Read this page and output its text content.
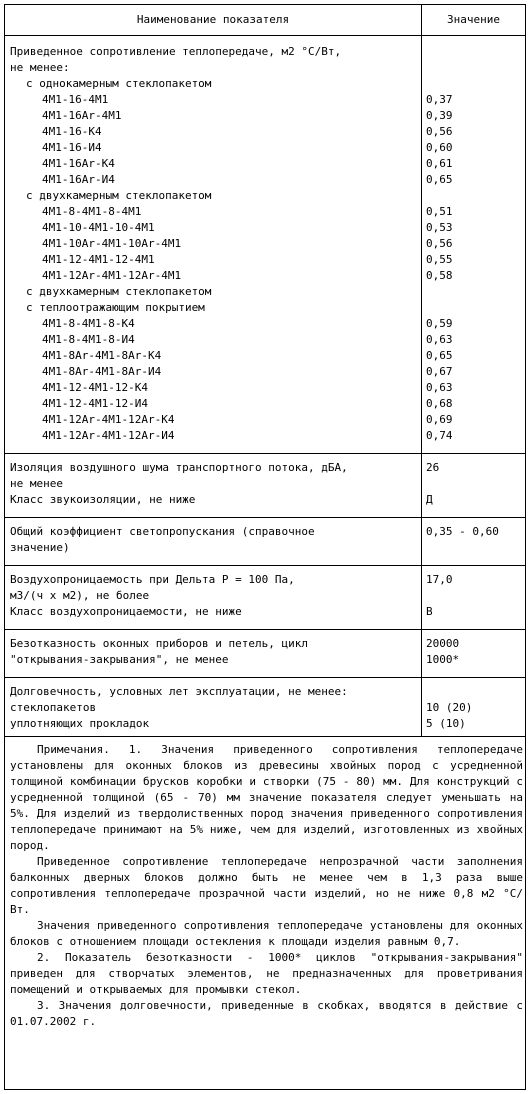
Наименование показателя	Значение
Приведенное сопротивление теплопередаче, м2 °С/Вт,
не менее:
с однокамерным стеклопакетом
4М1-16-4М1	0,37
4М1-16Ar-4М1	0,39
4М1-16-К4	0,56
4М1-16-И4	0,60
4М1-16Ar-К4	0,61
4М1-16Ar-И4	0,65
с двухкамерным стеклопакетом
4М1-8-4М1-8-4М1	0,51
4М1-10-4М1-10-4М1	0,53
4М1-10Ar-4М1-10Ar-4М1	0,56
4М1-12-4М1-12-4М1	0,55
4М1-12Ar-4М1-12Ar-4М1	0,58
с двухкамерным стеклопакетом
с теплоотражающим покрытием
4М1-8-4М1-8-К4	0,59
4М1-8-4М1-8-И4	0,63
4М1-8Ar-4М1-8Ar-К4	0,65
4М1-8Ar-4М1-8Ar-И4	0,67
4М1-12-4М1-12-К4	0,63
4М1-12-4М1-12-И4	0,68
4М1-12Ar-4М1-12Ar-К4	0,69
4М1-12Ar-4М1-12Ar-И4	0,74
Изоляция воздушного шума транспортного потока, дБА,	26
не менее
Класс звукоизоляции, не ниже	Д
Общий коэффициент светопропускания (справочное	0,35 - 0,60
значение)
Воздухопроницаемость при Дельта Р = 100 Па,	17,0
м3/(ч х м2), не более
Класс воздухопроницаемости, не ниже	В
Безотказность оконных приборов и петель, цикл	20000
"открывания-закрывания", не менее	1000*
Долговечность, условных лет эксплуатации, не менее:
стеклопакетов	10 (20)
уплотняющих прокладок	5 (10)

Примечания. 1. Значения приведенного сопротивления теплопередаче установлены для оконных блоков из древесины хвойных пород с усредненной толщиной комбинации брусков коробки и створки (75 - 80) мм. Для конструкций с усредненной толщиной (65 - 70) мм значение показателя следует уменьшать на 5%. Для изделий из твердолиственных пород значения приведенного сопротивления теплопередаче принимают на 5% ниже, чем для изделий, изготовленных из хвойных пород.

Приведенное сопротивление теплопередаче непрозрачной части заполнения балконных дверных блоков должно быть не менее чем в 1,3 раза выше сопротивления теплопередаче прозрачной части изделий, но не ниже 0,8 м2 °С/Вт.

Значения приведенного сопротивления теплопередаче установлены для оконных блоков с отношением площади остекления к площади изделия равным 0,7.

2. Показатель безотказности - 1000* циклов "открывания-закрывания" приведен для створчатых элементов, не предназначенных для проветривания помещений и открываемых для промывки стекол.

3. Значения долговечности, приведенные в скобках, вводятся в действие с 01.07.2002 г.
